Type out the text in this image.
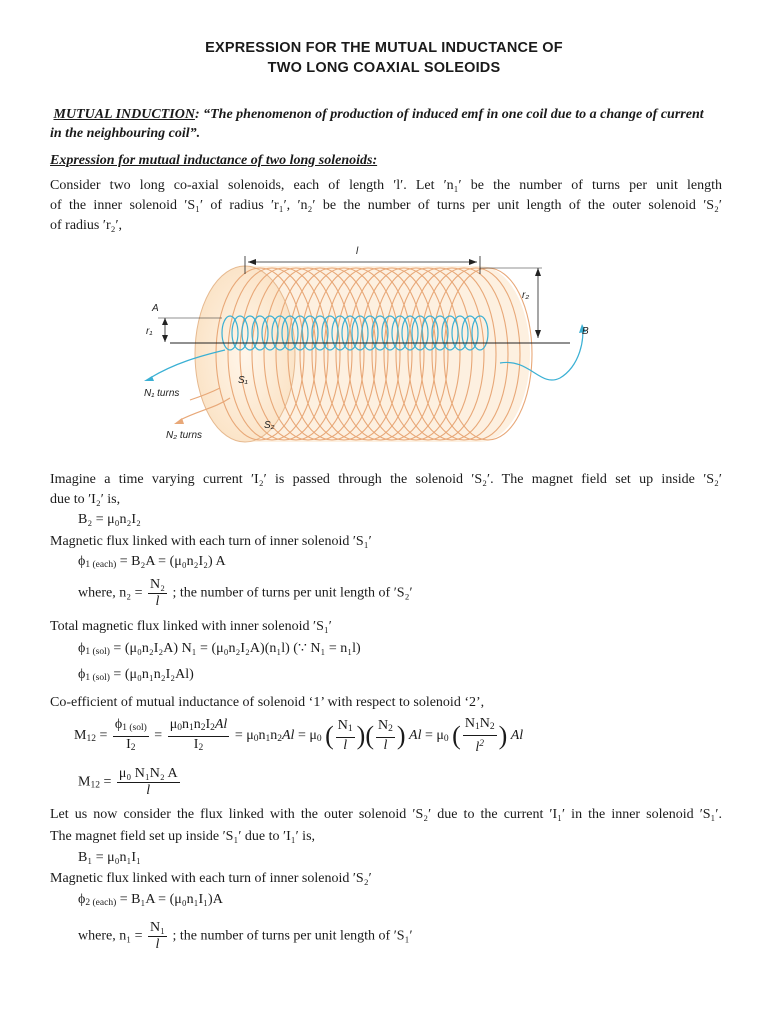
EXPRESSION FOR THE MUTUAL INDUCTANCE OF
TWO LONG COAXIAL SOLEOIDS
MUTUAL INDUCTION: “The phenomenon of production of induced emf in one coil due to a change of current
in the neighbouring coil”.
Expression for mutual inductance of two long solenoids:
Consider two long co-axial solenoids, each of length ′l′. Let ′n₁′ be the number of turns per unit length
of the inner solenoid ′S₁′ of radius ′r₁′, ′n₂′ be the number of turns per unit length of the outer solenoid ′S₂′
of radius ′r₂′,
l
r₂
A
r₁	B
N₁ turns
S₁
S₂
N₂ turns
Imagine a time varying current ′I₂′ is passed through the solenoid ′S₂′. The magnet field set up inside ′S₂′
due to ′I₂′ is,
B₂ = μ₀n₂I₂
Magnetic flux linked with each turn of inner solenoid ′S₁′
$\phi_{1 (each)} = B_2A = (\mu_0n_2I_2)$ A
where, $n_2 = \frac{\text{N₂}}{l}$ ; the number of turns per unit length of ′S₂′
Total magnetic flux linked with inner solenoid ′S₁′
$\phi_{1 (sol)} = (\mu_0n_2I_2A) N_1 = (\mu_0n_2I_2A)(n_1l)$ (∵ N₁ = n₁l)
$\phi_{1 (sol)} = (\mu_0n_1n_2I_2Al)$
Co-efficient of mutual inductance of solenoid ‘1’ with respect to solenoid ‘2’,
$M_{12} = \frac{\phi_{1 (sol)}}{I_2} = \frac{\mu_0n_1n_2I_2Al}{I_2} = \mu_0n_1n_2Al = \mu_0$ ( $\frac{N_1}{l}$ )( $\frac{N_2}{l}$ ) $Al = \mu_0$ ( $\frac{N_1N_2}{l^2}$ ) Al
$M_{12} = \frac{\text{μ₀ N₁N₂ A}}{l}$
Let us now consider the flux linked with the outer solenoid ′S₂′ due to the current ′I₁′ in the inner solenoid ′S₁′.
The magnet field set up inside ′S₁′ due to ′I₁′ is,
B₁ = μ₀n₁I₁
Magnetic flux linked with each turn of inner solenoid ′S₂′
$\phi_{2 (each)} = B_1A = (\mu_0n_1I_1)A$
where, $n_1 = \frac{\text{N₁}}{l}$ ; the number of turns per unit length of ′S₁′
